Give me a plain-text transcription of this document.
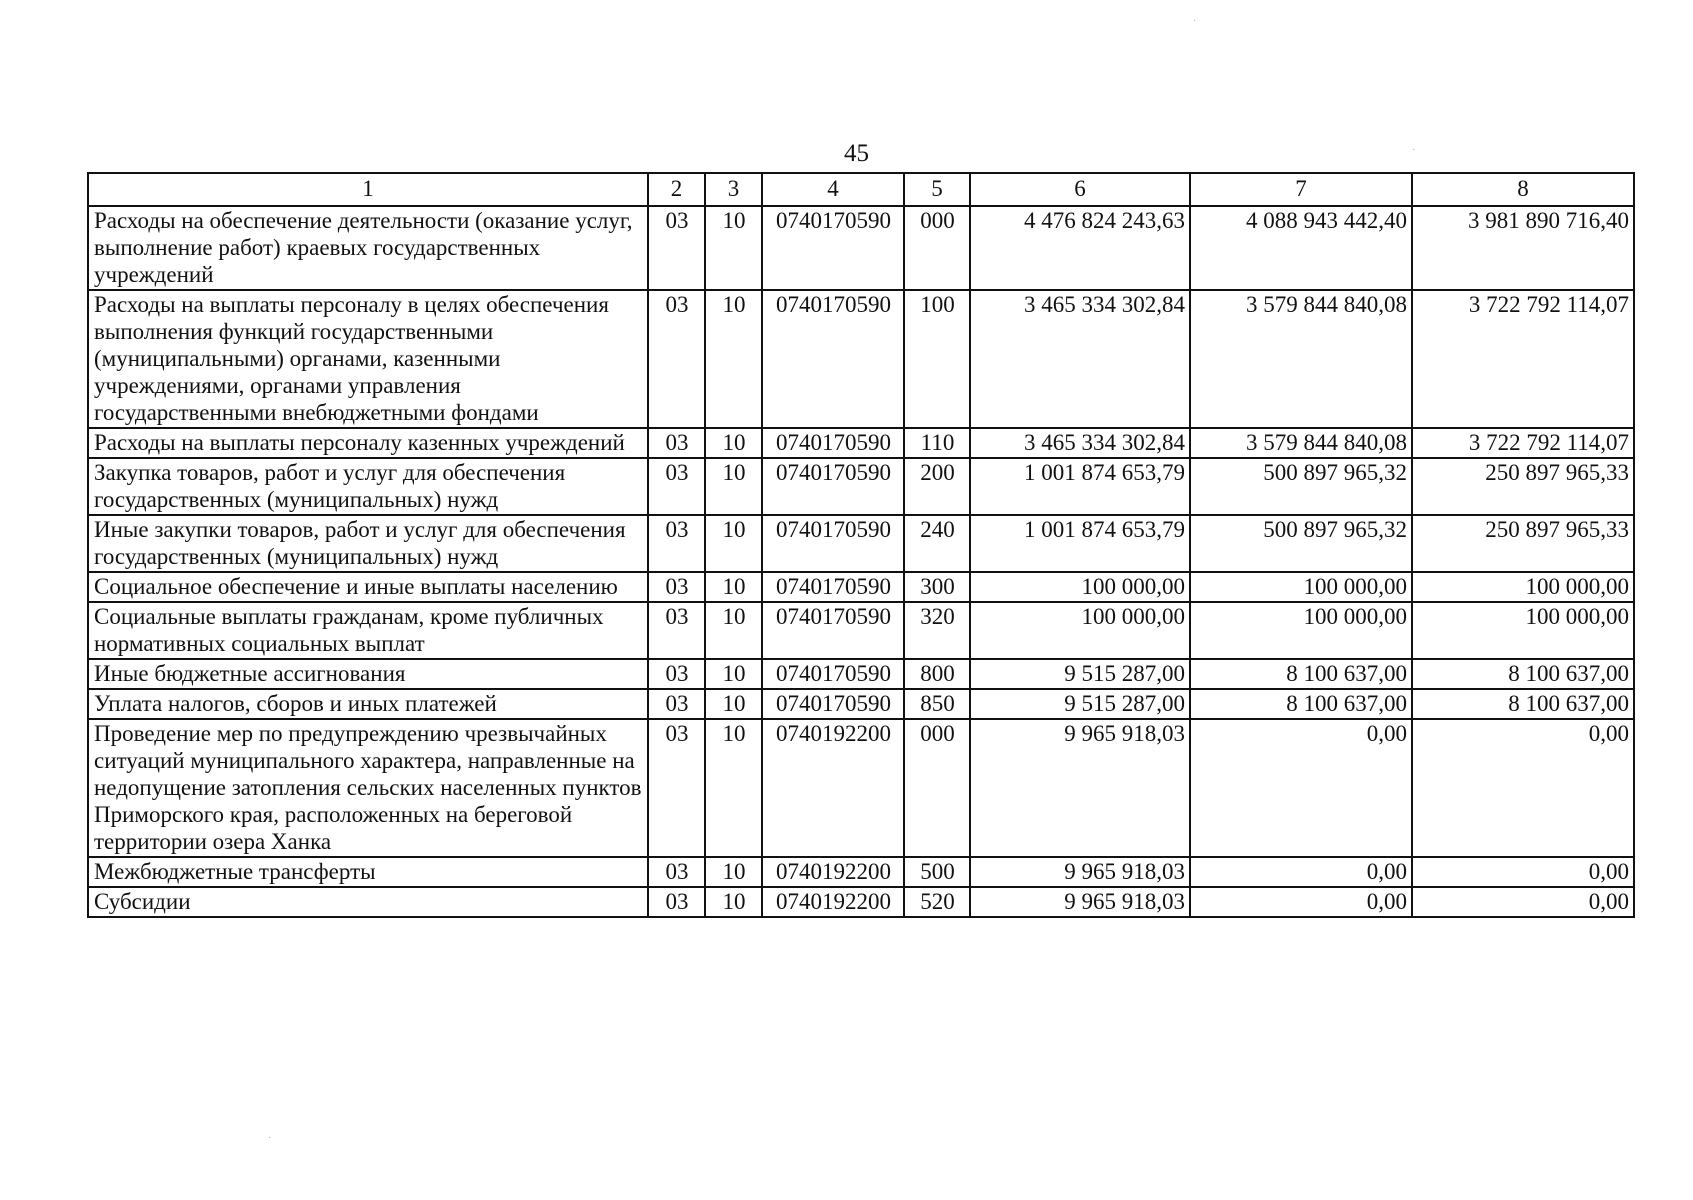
·
·
·
45
1	2	3	4	5	6	7	8
Расходы на обеспечение деятельности (оказание услуг, выполнение работ) краевых государственных учреждений	03	10	0740170590	000	4 476 824 243,63	4 088 943 442,40	3 981 890 716,40
Расходы на выплаты персоналу в целях обеспечения выполнения функций государственными (муниципальными) органами, казенными учреждениями, органами управления государственными внебюджетными фондами	03	10	0740170590	100	3 465 334 302,84	3 579 844 840,08	3 722 792 114,07
Расходы на выплаты персоналу казенных учреждений	03	10	0740170590	110	3 465 334 302,84	3 579 844 840,08	3 722 792 114,07
Закупка товаров, работ и услуг для обеспечения государственных (муниципальных) нужд	03	10	0740170590	200	1 001 874 653,79	500 897 965,32	250 897 965,33
Иные закупки товаров, работ и услуг для обеспечения государственных (муниципальных) нужд	03	10	0740170590	240	1 001 874 653,79	500 897 965,32	250 897 965,33
Социальное обеспечение и иные выплаты населению	03	10	0740170590	300	100 000,00	100 000,00	100 000,00
Социальные выплаты гражданам, кроме публичных нормативных социальных выплат	03	10	0740170590	320	100 000,00	100 000,00	100 000,00
Иные бюджетные ассигнования	03	10	0740170590	800	9 515 287,00	8 100 637,00	8 100 637,00
Уплата налогов, сборов и иных платежей	03	10	0740170590	850	9 515 287,00	8 100 637,00	8 100 637,00
Проведение мер по предупреждению чрезвычайных ситуаций муниципального характера, направленные на недопущение затопления сельских населенных пунктов Приморского края, расположенных на береговой территории озера Ханка	03	10	0740192200	000	9 965 918,03	0,00	0,00
Межбюджетные трансферты	03	10	0740192200	500	9 965 918,03	0,00	0,00
Субсидии	03	10	0740192200	520	9 965 918,03	0,00	0,00
